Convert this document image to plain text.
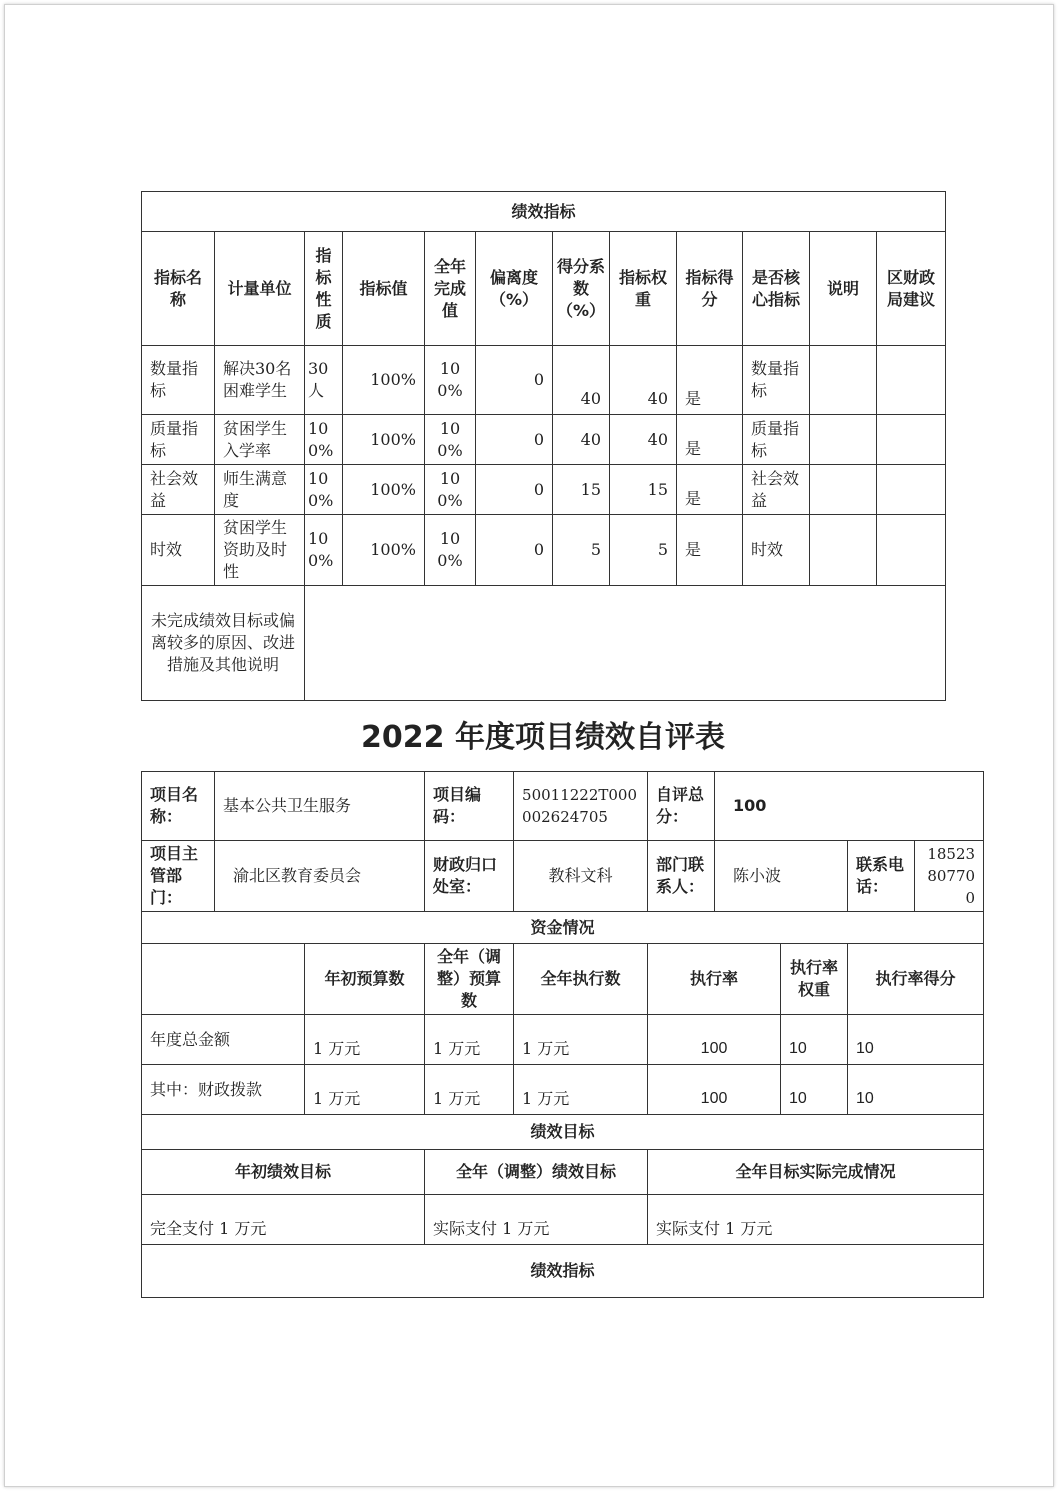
绩效指标											
指标名称	计量单位	指标性质	指标值	全年完成值	偏离度（%）	得分系数（%）	指标权重	指标得分	是否核心指标	说明	区财政局建议
数量指标	解决30名困难学生	30人	100%	100%	0	40	40	是	数量指标		
质量指标	贫困学生入学率	100%	100%	100%	0	40	40	是	质量指标		
社会效益	师生满意度	100%	100%	100%	0	15	15	是	社会效益		
时效	贫困学生资助及时性	100%	100%	100%	0	5	5	是	时效		
未完成绩效目标或偏离较多的原因、改进措施及其他说明											
2022 年度项目绩效自评表
项目名称：	基本公共卫生服务		项目编码：	50011222T000002624705	自评总分：	100			
项目主管部门：	渝北区教育委员会		财政归口处室：	教科文科	部门联系人：	陈小波		联系电话：	18523807700
资金情况									
		年初预算数	全年（调整）预算数	全年执行数	执行率		执行率权重	执行率得分	
年度总金额		1 万元	1 万元	1 万元	100		10	10	
其中：财政拨款		1 万元	1 万元	1 万元	100		10	10	
绩效目标									
年初绩效目标			全年（调整）绩效目标		全年目标实际完成情况				
完全支付 1 万元			实际支付 1 万元		实际支付 1 万元				
绩效指标									
